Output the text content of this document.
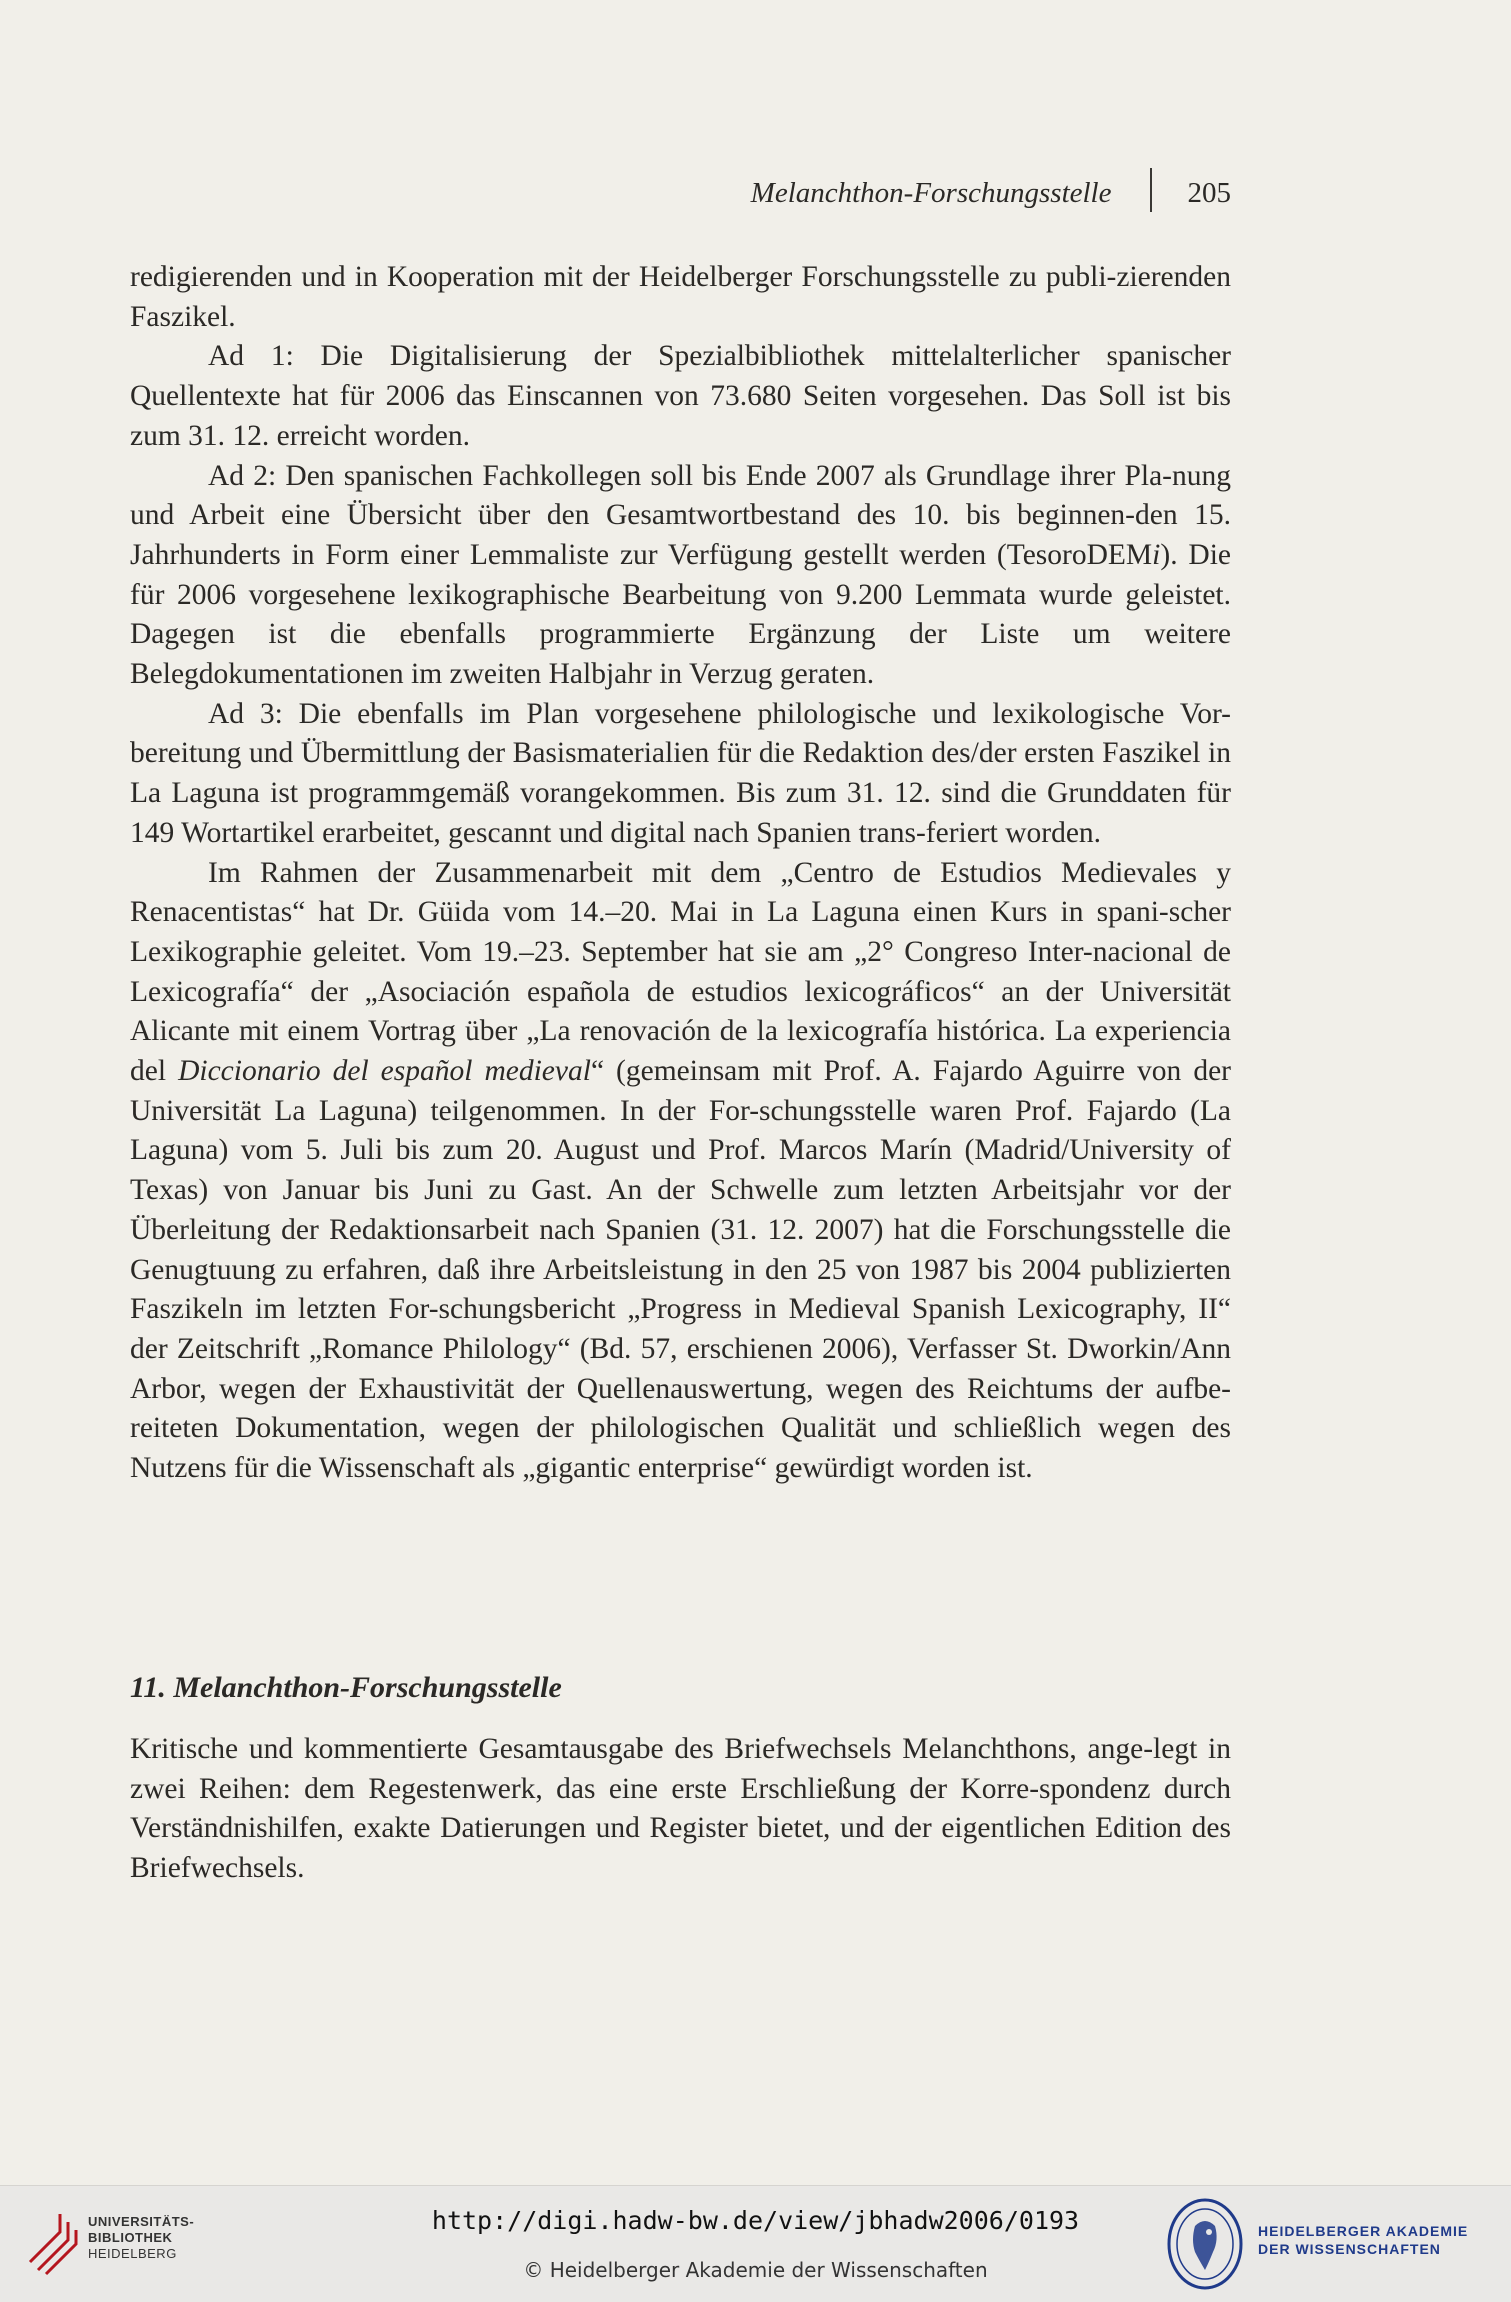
Melanchthon-Forschungsstelle	205

redigierenden und in Kooperation mit der Heidelberger Forschungsstelle zu publi-zierenden Faszikel.

Ad 1: Die Digitalisierung der Spezialbibliothek mittelalterlicher spanischer Quellentexte hat für 2006 das Einscannen von 73.680 Seiten vorgesehen. Das Soll ist bis zum 31. 12. erreicht worden.

Ad 2: Den spanischen Fachkollegen soll bis Ende 2007 als Grundlage ihrer Pla-nung und Arbeit eine Übersicht über den Gesamtwortbestand des 10. bis beginnen-den 15. Jahrhunderts in Form einer Lemmaliste zur Verfügung gestellt werden (TesoroDEMi). Die für 2006 vorgesehene lexikographische Bearbeitung von 9.200 Lemmata wurde geleistet. Dagegen ist die ebenfalls programmierte Ergänzung der Liste um weitere Belegdokumentationen im zweiten Halbjahr in Verzug geraten.

Ad 3: Die ebenfalls im Plan vorgesehene philologische und lexikologische Vor-bereitung und Übermittlung der Basismaterialien für die Redaktion des/der ersten Faszikel in La Laguna ist programmgemäß vorangekommen. Bis zum 31. 12. sind die Grunddaten für 149 Wortartikel erarbeitet, gescannt und digital nach Spanien trans-feriert worden.

Im Rahmen der Zusammenarbeit mit dem „Centro de Estudios Medievales y Renacentistas“ hat Dr. Güida vom 14.–20. Mai in La Laguna einen Kurs in spani-scher Lexikographie geleitet. Vom 19.–23. September hat sie am „2° Congreso Inter-nacional de Lexicografía“ der „Asociación española de estudios lexicográficos“ an der Universität Alicante mit einem Vortrag über „La renovación de la lexicografía histórica. La experiencia del Diccionario del español medieval“ (gemeinsam mit Prof. A. Fajardo Aguirre von der Universität La Laguna) teilgenommen. In der For-schungsstelle waren Prof. Fajardo (La Laguna) vom 5. Juli bis zum 20. August und Prof. Marcos Marín (Madrid/University of Texas) von Januar bis Juni zu Gast. An der Schwelle zum letzten Arbeitsjahr vor der Überleitung der Redaktionsarbeit nach Spanien (31. 12. 2007) hat die Forschungsstelle die Genugtuung zu erfahren, daß ihre Arbeitsleistung in den 25 von 1987 bis 2004 publizierten Faszikeln im letzten For-schungsbericht „Progress in Medieval Spanish Lexicography, II“ der Zeitschrift „Romance Philology“ (Bd. 57, erschienen 2006), Verfasser St. Dworkin/Ann Arbor, wegen der Exhaustivität der Quellenauswertung, wegen des Reichtums der aufbe-reiteten Dokumentation, wegen der philologischen Qualität und schließlich wegen des Nutzens für die Wissenschaft als „gigantic enterprise“ gewürdigt worden ist.

11. Melanchthon-Forschungsstelle

Kritische und kommentierte Gesamtausgabe des Briefwechsels Melanchthons, ange-legt in zwei Reihen: dem Regestenwerk, das eine erste Erschließung der Korre-spondenz durch Verständnishilfen, exakte Datierungen und Register bietet, und der eigentlichen Edition des Briefwechsels.

UNIVERSITÄTS-
BIBLIOTHEK
HEIDELBERG
http://digi.hadw-bw.de/view/jbhadw2006/0193
© Heidelberger Akademie der Wissenschaften
HEIDELBERGER AKADEMIE
DER WISSENSCHAFTEN
